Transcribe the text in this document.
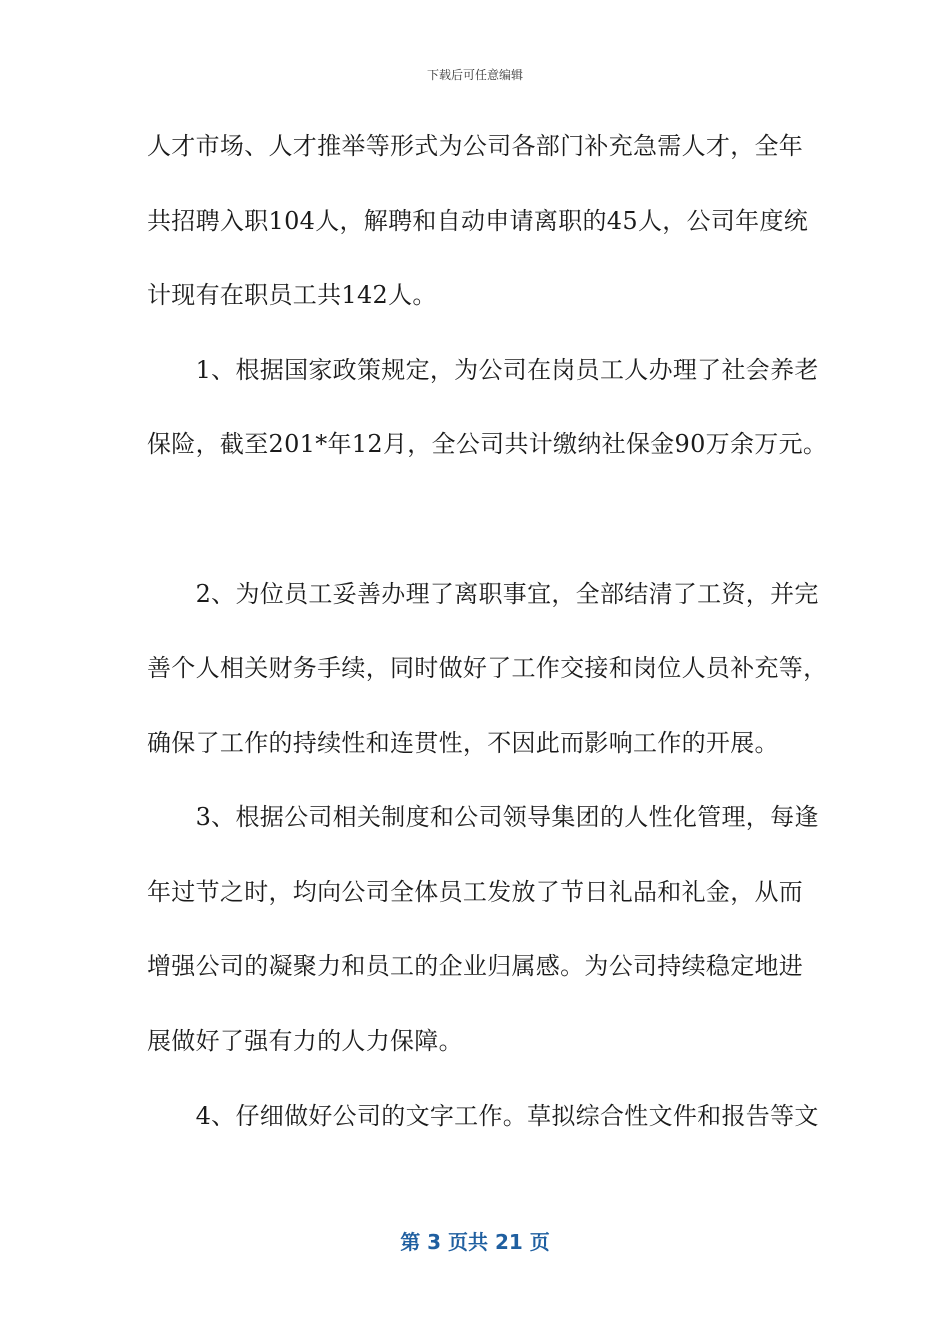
下载后可任意编辑
人才市场、人才推举等形式为公司各部门补充急需人才，全年
共招聘入职104人，解聘和自动申请离职的45人，公司年度统
计现有在职员工共142人。
　　1、根据国家政策规定，为公司在岗员工人办理了社会养老
保险，截至201*年12月，全公司共计缴纳社保金90万余万元。
　　2、为位员工妥善办理了离职事宜，全部结清了工资，并完
善个人相关财务手续，同时做好了工作交接和岗位人员补充等，
确保了工作的持续性和连贯性，不因此而影响工作的开展。
　　3、根据公司相关制度和公司领导集团的人性化管理，每逢
年过节之时，均向公司全体员工发放了节日礼品和礼金，从而
增强公司的凝聚力和员工的企业归属感。为公司持续稳定地进
展做好了强有力的人力保障。
　　4、仔细做好公司的文字工作。草拟综合性文件和报告等文
第 3 页共 21 页
